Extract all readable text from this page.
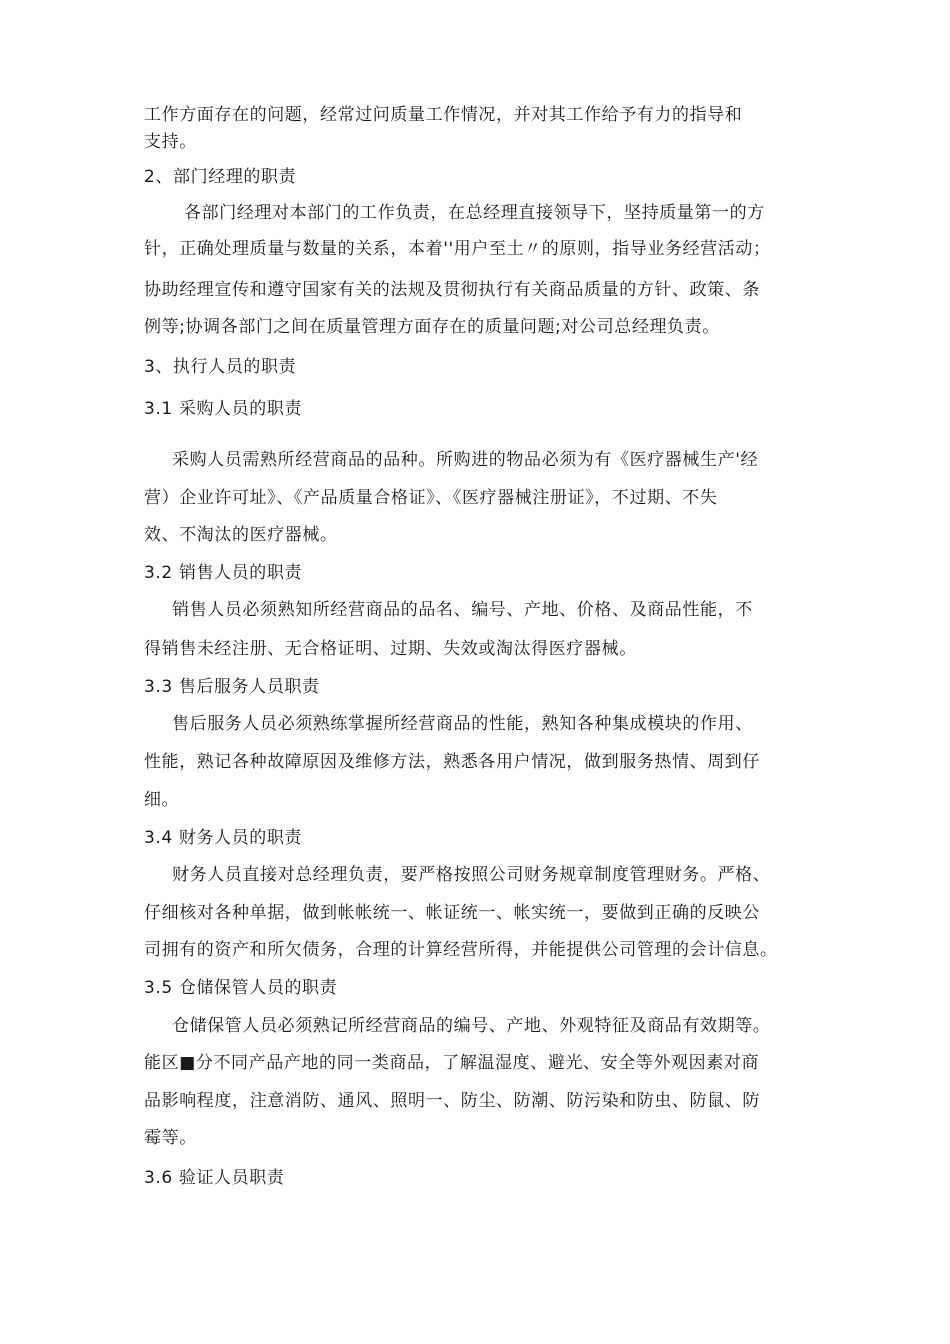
工作方面存在的问题，经常过问质量工作情况，并对其工作给予有力的指导和
支持。
2、部门经理的职责
各部门经理对本部门的工作负责，在总经理直接领导下，坚持质量第一的方
针，正确处理质量与数量的关系，本着''用户至土〃的原则，指导业务经营活动；
协助经理宣传和遵守国家有关的法规及贯彻执行有关商品质量的方针、政策、条
例等;协调各部门之间在质量管理方面存在的质量问题;对公司总经理负责。
3、执行人员的职责
3.1 采购人员的职责
采购人员需熟所经营商品的品种。所购进的物品必须为有《医疗器械生产'经
营）企业许可址》、《产品质量合格证》、《医疗器械注册证》，不过期、不失
效、不淘汰的医疗器械。
3.2 销售人员的职责
销售人员必须熟知所经营商品的品名、编号、产地、价格、及商品性能，不
得销售未经注册、无合格证明、过期、失效或淘汰得医疗器械。
3.3 售后服务人员职责
售后服务人员必须熟练掌握所经营商品的性能，熟知各种集成模块的作用、
性能，熟记各种故障原因及维修方法，熟悉各用户情况，做到服务热情、周到仔
细。
3.4 财务人员的职责
财务人员直接对总经理负责，要严格按照公司财务规章制度管理财务。严格、
仔细核对各种单据，做到帐帐统一、帐证统一、帐实统一，要做到正确的反映公
司拥有的资产和所欠债务，合理的计算经营所得，并能提供公司管理的会计信息。
3.5 仓储保管人员的职责
仓储保管人员必须熟记所经营商品的编号、产地、外观特征及商品有效期等。
能区■分不同产品产地的同一类商品，了解温湿度、避光、安全等外观因素对商
品影响程度，注意消防、通风、照明一、防尘、防潮、防污染和防虫、防鼠、防
霉等。
3.6 验证人员职责
